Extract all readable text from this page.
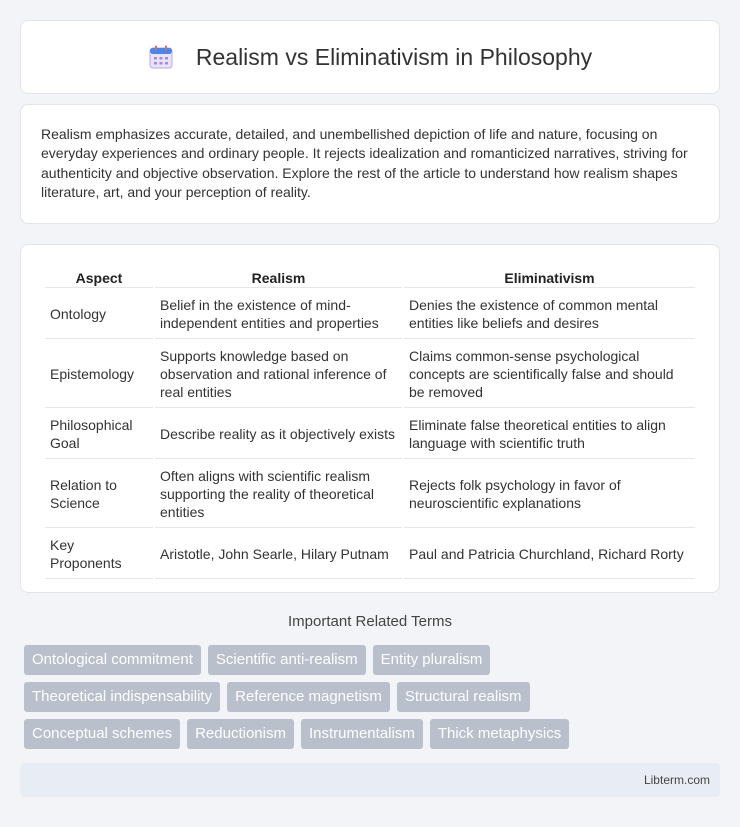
Realism vs Eliminativism in Philosophy

Realism emphasizes accurate, detailed, and unembellished depiction of life and nature, focusing on everyday experiences and ordinary people. It rejects idealization and romanticized narratives, striving for authenticity and objective observation. Explore the rest of the article to understand how realism shapes literature, art, and your perception of reality.

Aspect	Realism	Eliminativism
Ontology	Belief in the existence of mind-independent entities and properties	Denies the existence of common mental entities like beliefs and desires
Epistemology	Supports knowledge based on observation and rational inference of real entities	Claims common-sense psychological concepts are scientifically false and should be removed
Philosophical Goal	Describe reality as it objectively exists	Eliminate false theoretical entities to align language with scientific truth
Relation to Science	Often aligns with scientific realism supporting the reality of theoretical entities	Rejects folk psychology in favor of neuroscientific explanations
Key Proponents	Aristotle, John Searle, Hilary Putnam	Paul and Patricia Churchland, Richard Rorty
Important Related Terms
Ontological commitment	Scientific anti-realism	Entity pluralism
Theoretical indispensability	Reference magnetism	Structural realism
Conceptual schemes	Reductionism	Instrumentalism	Thick metaphysics
Libterm.com
